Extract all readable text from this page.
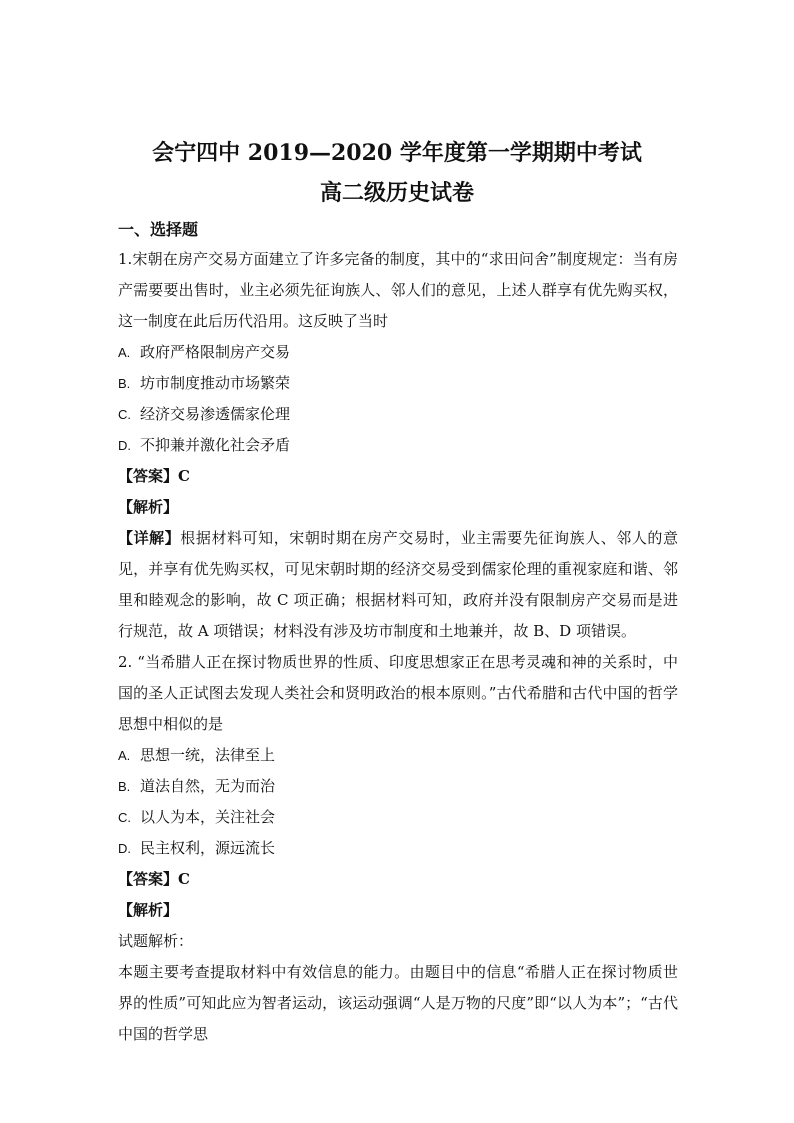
会宁四中 2019—2020 学年度第一学期期中考试
高二级历史试卷
一、选择题

1.宋朝在房产交易方面建立了许多完备的制度，其中的“求田问舍”制度规定：当有房产需要要出售时，业主必须先征询族人、邻人们的意见，上述人群享有优先购买权，这一制度在此后历代沿用。这反映了当时

A. 政府严格限制房产交易

B. 坊市制度推动市场繁荣

C. 经济交易渗透儒家伦理

D. 不抑兼并激化社会矛盾

【答案】C

【解析】

【详解】根据材料可知，宋朝时期在房产交易时，业主需要先征询族人、邻人的意见，并享有优先购买权，可见宋朝时期的经济交易受到儒家伦理的重视家庭和谐、邻里和睦观念的影响，故 C 项正确；根据材料可知，政府并没有限制房产交易而是进行规范，故 A 项错误；材料没有涉及坊市制度和土地兼并，故 B、D 项错误。

2. “当希腊人正在探讨物质世界的性质、印度思想家正在思考灵魂和神的关系时，中国的圣人正试图去发现人类社会和贤明政治的根本原则。”古代希腊和古代中国的哲学思想中相似的是

A. 思想一统，法律至上

B. 道法自然，无为而治

C. 以人为本，关注社会

D. 民主权利，源远流长

【答案】C

【解析】

试题解析：

本题主要考查提取材料中有效信息的能力。由题目中的信息“希腊人正在探讨物质世界的性质”可知此应为智者运动，该运动强调“人是万物的尺度”即“以人为本”；“古代中国的哲学思
